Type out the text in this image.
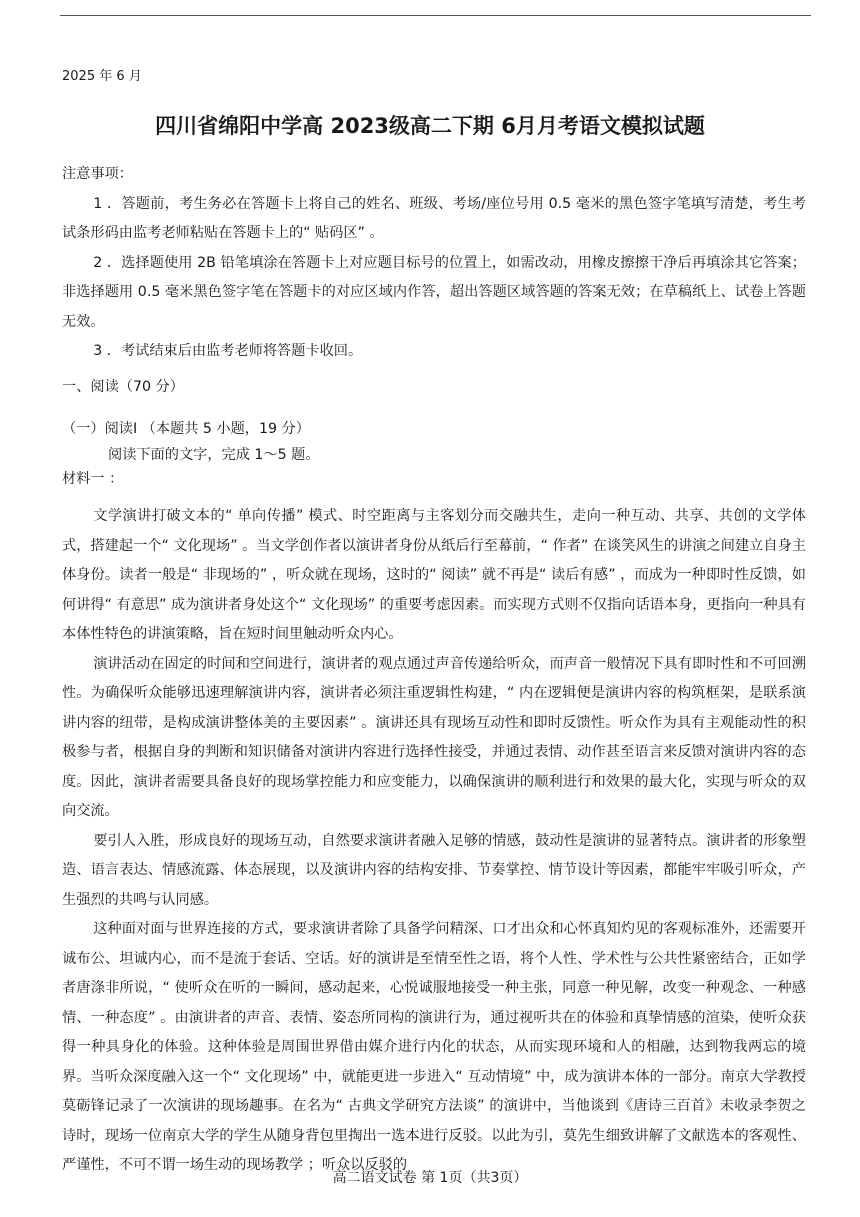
2025 年 6 月
四川省绵阳中学高 2023级高二下期 6月月考语文模拟试题

注意事项：

1 ．答题前，考生务必在答题卡上将自己的姓名、班级、考场/座位号用 0.5 毫米的黑色签字笔填写清楚，考生考试条形码由监考老师粘贴在答题卡上的“ 贴码区” 。

2 ．选择题使用 2B 铅笔填涂在答题卡上对应题目标号的位置上，如需改动，用橡皮擦擦干净后再填涂其它答案；非选择题用 0.5 毫米黑色签字笔在答题卡的对应区域内作答，超出答题区域答题的答案无效；在草稿纸上、试卷上答题无效。

3 ．考试结束后由监考老师将答题卡收回。

一、阅读（70 分）

（一）阅读Ⅰ （本题共 5 小题，19 分）

阅读下面的文字，完成 1～5 题。

材料一 ：

文学演讲打破文本的“ 单向传播” 模式、时空距离与主客划分而交融共生，走向一种互动、共享、共创的文学体式，搭建起一个“ 文化现场” 。当文学创作者以演讲者身份从纸后行至幕前，“ 作者” 在谈笑风生的讲演之间建立自身主体身份。读者一般是“ 非现场的” ，听众就在现场，这时的“ 阅读” 就不再是“ 读后有感” ，而成为一种即时性反馈，如何讲得“ 有意思” 成为演讲者身处这个“ 文化现场” 的重要考虑因素。而实现方式则不仅指向话语本身，更指向一种具有本体性特色的讲演策略，旨在短时间里触动听众内心。

演讲活动在固定的时间和空间进行，演讲者的观点通过声音传递给听众，而声音一般情况下具有即时性和不可回溯性。为确保听众能够迅速理解演讲内容，演讲者必须注重逻辑性构建，“ 内在逻辑便是演讲内容的构筑框架，是联系演讲内容的纽带，是构成演讲整体美的主要因素” 。演讲还具有现场互动性和即时反馈性。听众作为具有主观能动性的积极参与者，根据自身的判断和知识储备对演讲内容进行选择性接受，并通过表情、动作甚至语言来反馈对演讲内容的态度。因此，演讲者需要具备良好的现场掌控能力和应变能力，以确保演讲的顺利进行和效果的最大化，实现与听众的双向交流。

要引人入胜，形成良好的现场互动，自然要求演讲者融入足够的情感，鼓动性是演讲的显著特点。演讲者的形象塑造、语言表达、情感流露、体态展现，以及演讲内容的结构安排、节奏掌控、情节设计等因素，都能牢牢吸引听众，产生强烈的共鸣与认同感。

这种面对面与世界连接的方式，要求演讲者除了具备学问精深、口才出众和心怀真知灼见的客观标准外，还需要开诚布公、坦诚内心，而不是流于套话、空话。好的演讲是至情至性之语，将个人性、学术性与公共性紧密结合，正如学者唐涤非所说，“ 使听众在听的一瞬间，感动起来，心悦诚服地接受一种主张，同意一种见解，改变一种观念、一种感情、一种态度” 。由演讲者的声音、表情、姿态所同构的演讲行为，通过视听共在的体验和真挚情感的渲染，使听众获得一种具身化的体验。这种体验是周围世界借由媒介进行内化的状态，从而实现环境和人的相融，达到物我两忘的境界。当听众深度融入这一个“ 文化现场” 中，就能更进一步进入“ 互动情境” 中，成为演讲本体的一部分。南京大学教授莫砺锋记录了一次演讲的现场趣事。在名为“ 古典文学研究方法谈” 的演讲中，当他谈到《唐诗三百首》未收录李贺之诗时，现场一位南京大学的学生从随身背包里掏出一选本进行反驳。以此为引，莫先生细致讲解了文献选本的客观性、严谨性，不可不谓一场生动的现场教学 ；听众以反驳的

高二语文试卷 第 1页（共3页）
